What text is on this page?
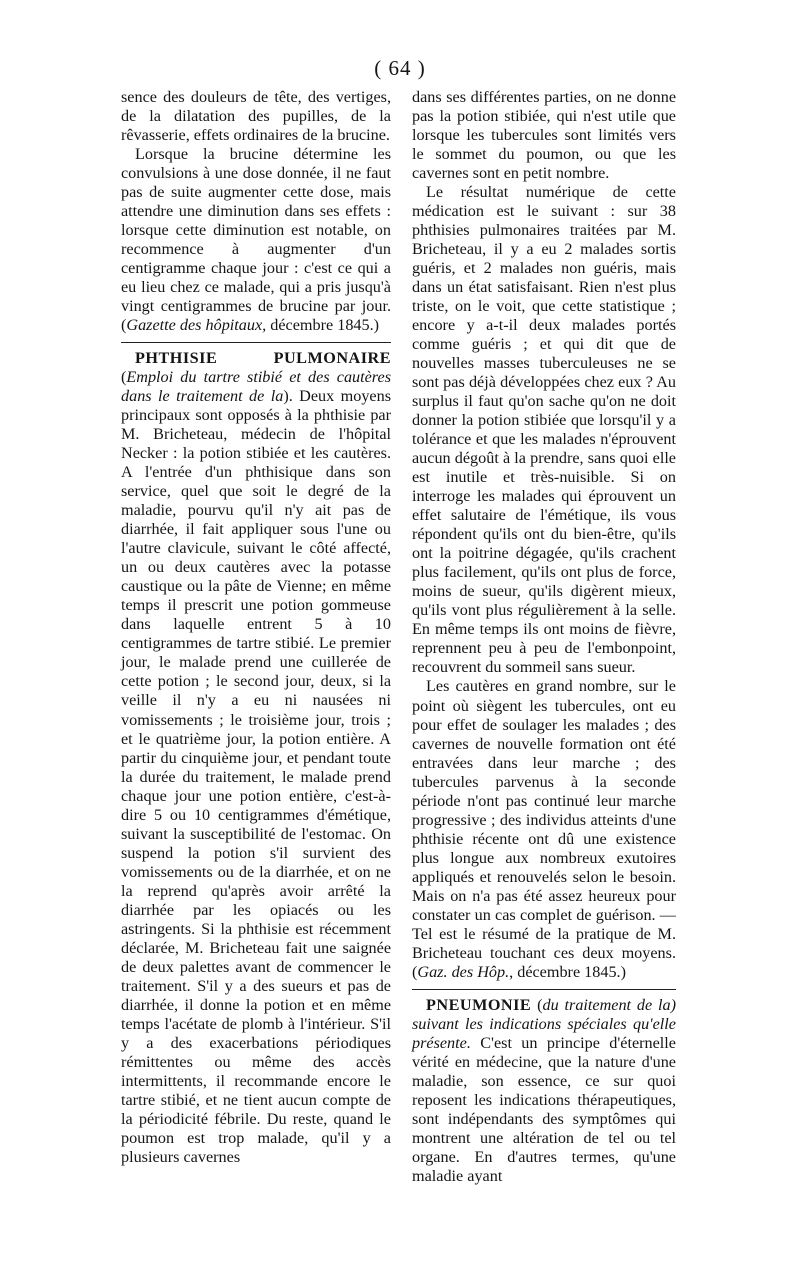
( 64 )

sence des douleurs de tête, des vertiges, de la dilatation des pupilles, de la rêvasserie, effets ordinaires de la brucine.

Lorsque la brucine détermine les convulsions à une dose donnée, il ne faut pas de suite augmenter cette dose, mais attendre une diminution dans ses effets : lorsque cette diminution est notable, on recommence à augmenter d'un centigramme chaque jour : c'est ce qui a eu lieu chez ce malade, qui a pris jusqu'à vingt centigrammes de brucine par jour. (Gazette des hôpitaux, décembre 1845.)

PHTHISIE PULMONAIRE (Emploi du tartre stibié et des cautères dans le traitement de la). Deux moyens principaux sont opposés à la phthisie par M. Bricheteau, médecin de l'hôpital Necker : la potion stibiée et les cautères. A l'entrée d'un phthisique dans son service, quel que soit le degré de la maladie, pourvu qu'il n'y ait pas de diarrhée, il fait appliquer sous l'une ou l'autre clavicule, suivant le côté affecté, un ou deux cautères avec la potasse caustique ou la pâte de Vienne; en même temps il prescrit une potion gommeuse dans laquelle entrent 5 à 10 centigrammes de tartre stibié. Le premier jour, le malade prend une cuillerée de cette potion ; le second jour, deux, si la veille il n'y a eu ni nausées ni vomissements ; le troisième jour, trois ; et le quatrième jour, la potion entière. A partir du cinquième jour, et pendant toute la durée du traitement, le malade prend chaque jour une potion entière, c'est-à-dire 5 ou 10 centigrammes d'émétique, suivant la susceptibilité de l'estomac. On suspend la potion s'il survient des vomissements ou de la diarrhée, et on ne la reprend qu'après avoir arrêté la diarrhée par les opiacés ou les astringents. Si la phthisie est récemment déclarée, M. Bricheteau fait une saignée de deux palettes avant de commencer le traitement. S'il y a des sueurs et pas de diarrhée, il donne la potion et en même temps l'acétate de plomb à l'intérieur. S'il y a des exacerbations périodiques rémittentes ou même des accès intermittents, il recommande encore le tartre stibié, et ne tient aucun compte de la périodicité fébrile. Du reste, quand le poumon est trop malade, qu'il y a plusieurs cavernes

dans ses différentes parties, on ne donne pas la potion stibiée, qui n'est utile que lorsque les tubercules sont limités vers le sommet du poumon, ou que les cavernes sont en petit nombre.

Le résultat numérique de cette médication est le suivant : sur 38 phthisies pulmonaires traitées par M. Bricheteau, il y a eu 2 malades sortis guéris, et 2 malades non guéris, mais dans un état satisfaisant. Rien n'est plus triste, on le voit, que cette statistique ; encore y a-t-il deux malades portés comme guéris ; et qui dit que de nouvelles masses tuberculeuses ne se sont pas déjà développées chez eux ? Au surplus il faut qu'on sache qu'on ne doit donner la potion stibiée que lorsqu'il y a tolérance et que les malades n'éprouvent aucun dégoût à la prendre, sans quoi elle est inutile et très-nuisible. Si on interroge les malades qui éprouvent un effet salutaire de l'émétique, ils vous répondent qu'ils ont du bien-être, qu'ils ont la poitrine dégagée, qu'ils crachent plus facilement, qu'ils ont plus de force, moins de sueur, qu'ils digèrent mieux, qu'ils vont plus régulièrement à la selle. En même temps ils ont moins de fièvre, reprennent peu à peu de l'embonpoint, recouvrent du sommeil sans sueur.

Les cautères en grand nombre, sur le point où siègent les tubercules, ont eu pour effet de soulager les malades ; des cavernes de nouvelle formation ont été entravées dans leur marche ; des tubercules parvenus à la seconde période n'ont pas continué leur marche progressive ; des individus atteints d'une phthisie récente ont dû une existence plus longue aux nombreux exutoires appliqués et renouvelés selon le besoin. Mais on n'a pas été assez heureux pour constater un cas complet de guérison. — Tel est le résumé de la pratique de M. Bricheteau touchant ces deux moyens. (Gaz. des Hôp., décembre 1845.)

PNEUMONIE (du traitement de la) suivant les indications spéciales qu'elle présente. C'est un principe d'éternelle vérité en médecine, que la nature d'une maladie, son essence, ce sur quoi reposent les indications thérapeutiques, sont indépendants des symptômes qui montrent une altération de tel ou tel organe. En d'autres termes, qu'une maladie ayant
